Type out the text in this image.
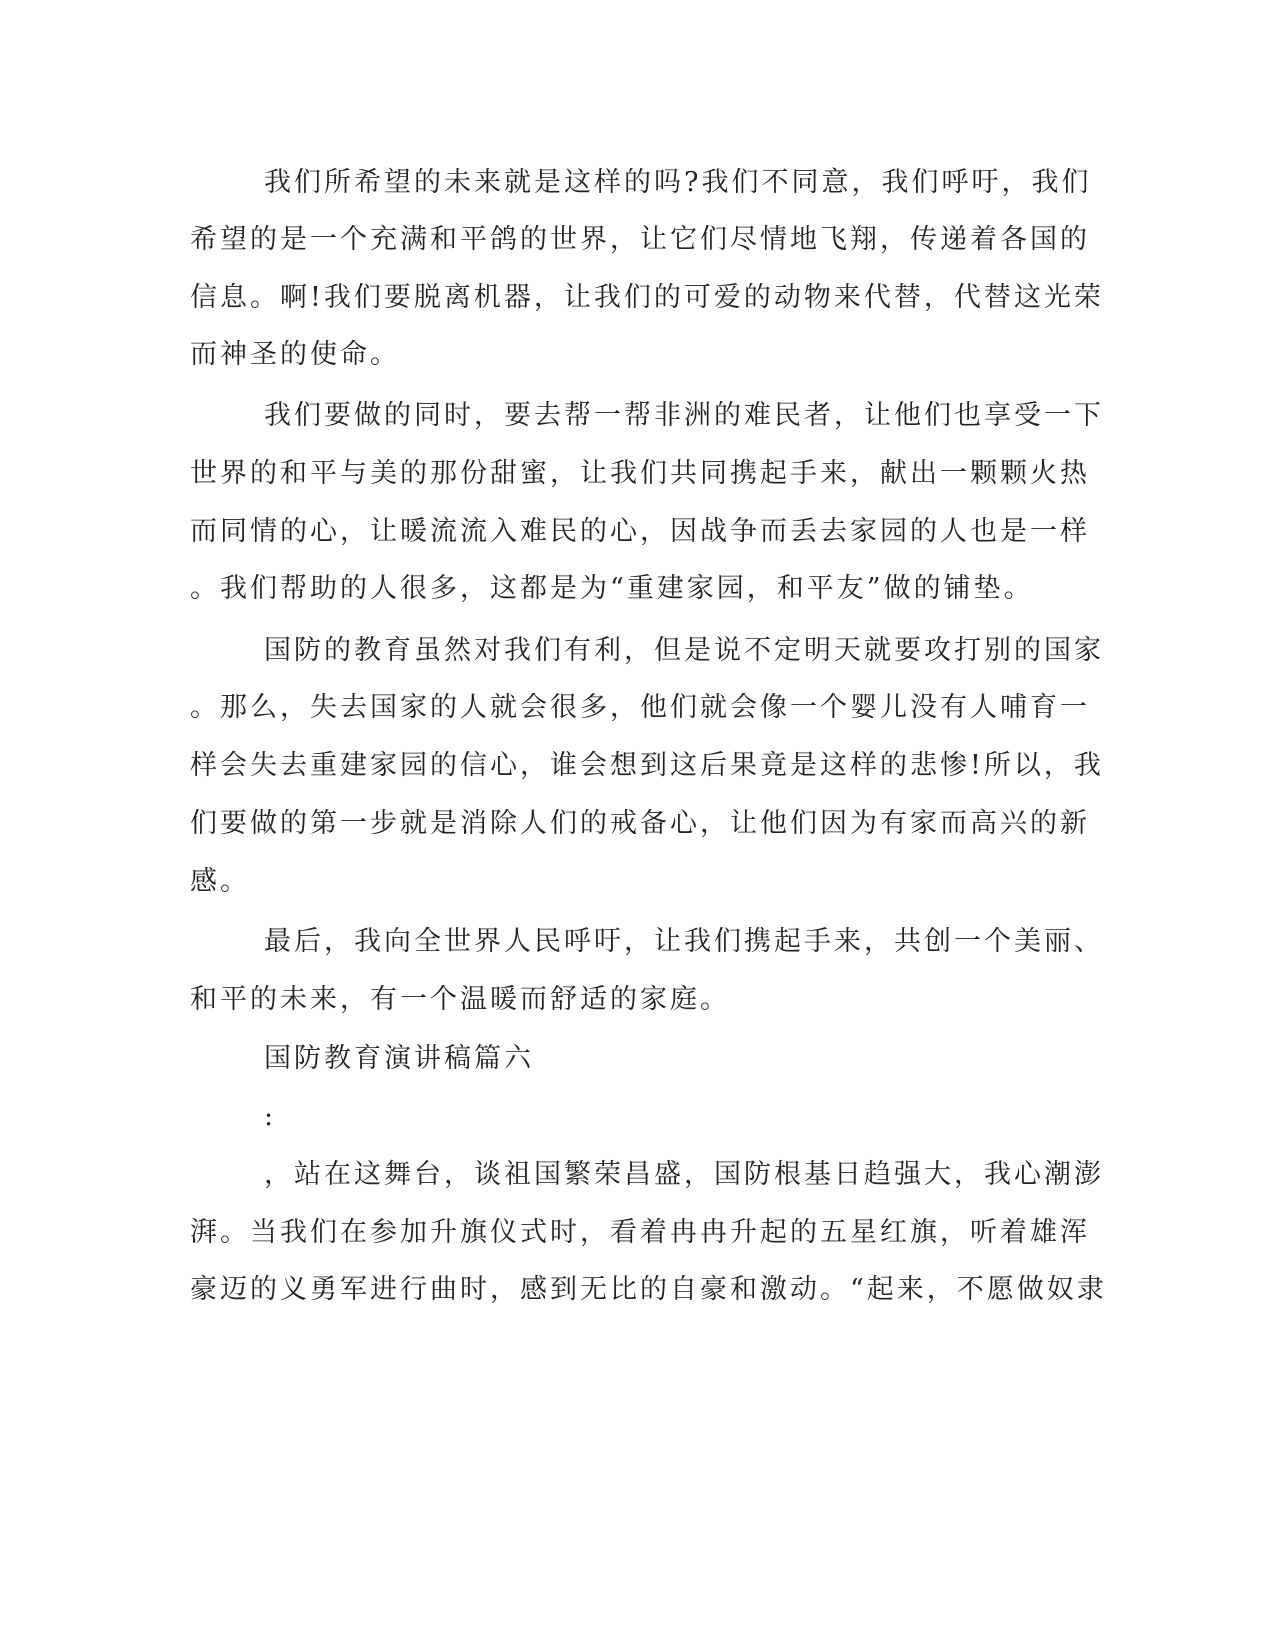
我们所希望的未来就是这样的吗?我们不同意，我们呼吁，我们

希望的是一个充满和平鸽的世界，让它们尽情地飞翔，传递着各国的

信息。啊!我们要脱离机器，让我们的可爱的动物来代替，代替这光荣

而神圣的使命。

我们要做的同时，要去帮一帮非洲的难民者，让他们也享受一下

世界的和平与美的那份甜蜜，让我们共同携起手来，献出一颗颗火热

而同情的心，让暖流流入难民的心，因战争而丢去家园的人也是一样

。我们帮助的人很多，这都是为“重建家园，和平友”做的铺垫。

国防的教育虽然对我们有利，但是说不定明天就要攻打别的国家

。那么，失去国家的人就会很多，他们就会像一个婴儿没有人哺育一

样会失去重建家园的信心，谁会想到这后果竟是这样的悲惨!所以，我

们要做的第一步就是消除人们的戒备心，让他们因为有家而高兴的新

感。

最后，我向全世界人民呼吁，让我们携起手来，共创一个美丽、

和平的未来，有一个温暖而舒适的家庭。

国防教育演讲稿篇六

:

，站在这舞台，谈祖国繁荣昌盛，国防根基日趋强大，我心潮澎

湃。当我们在参加升旗仪式时，看着冉冉升起的五星红旗，听着雄浑

豪迈的义勇军进行曲时，感到无比的自豪和激动。“起来，不愿做奴隶
